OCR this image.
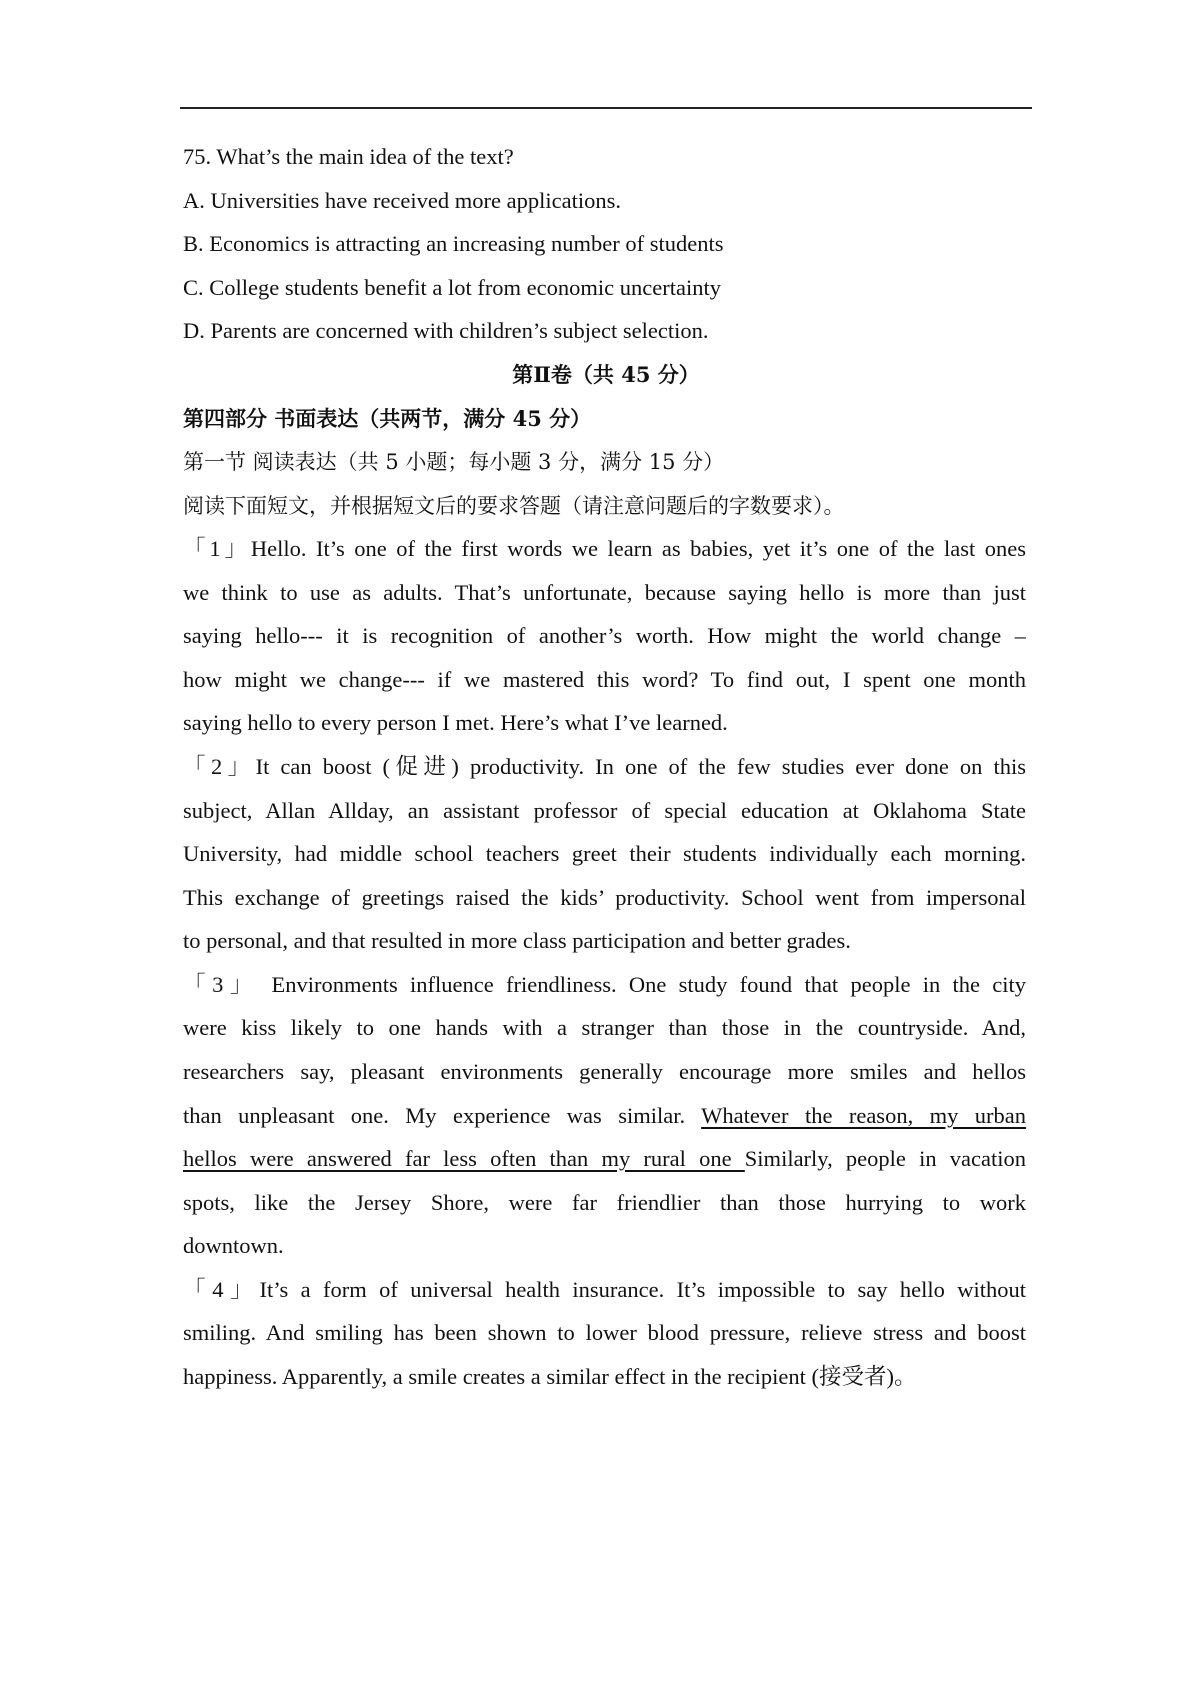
75. What’s the main idea of the text?
A. Universities have received more applications.
B. Economics is attracting an increasing number of students
C. College students benefit a lot from economic uncertainty
D. Parents are concerned with children’s subject selection.
第Ⅱ卷（共 45 分）
第四部分 书面表达（共两节，满分 45 分）
第一节 阅读表达（共 5 小题；每小题 3 分，满分 15 分）
阅读下面短文，并根据短文后的要求答题（请注意问题后的字数要求）。
「1」Hello. It’s one of the first words we learn as babies, yet it’s one of the last ones
we think to use as adults. That’s unfortunate, because saying hello is more than just
saying hello--- it is recognition of another’s worth. How might the world change –
how might we change--- if we mastered this word? To find out, I spent one month
saying hello to every person I met. Here’s what I’ve learned.
「2」It can boost (促进) productivity. In one of the few studies ever done on this
subject, Allan Allday, an assistant professor of special education at Oklahoma State
University, had middle school teachers greet their students individually each morning.
This exchange of greetings raised the kids’ productivity. School went from impersonal
to personal, and that resulted in more class participation and better grades.
「3」 Environments influence friendliness. One study found that people in the city
were kiss likely to one hands with a stranger than those in the countryside. And,
researchers say, pleasant environments generally encourage more smiles and hellos
than unpleasant one. My experience was similar. Whatever the reason, my urban
hellos were answered far less often than my rural one Similarly, people in vacation
spots, like the Jersey Shore, were far friendlier than those hurrying to work
downtown.
「4」It’s a form of universal health insurance. It’s impossible to say hello without
smiling. And smiling has been shown to lower blood pressure, relieve stress and boost
happiness. Apparently, a smile creates a similar effect in the recipient (接受者)。
